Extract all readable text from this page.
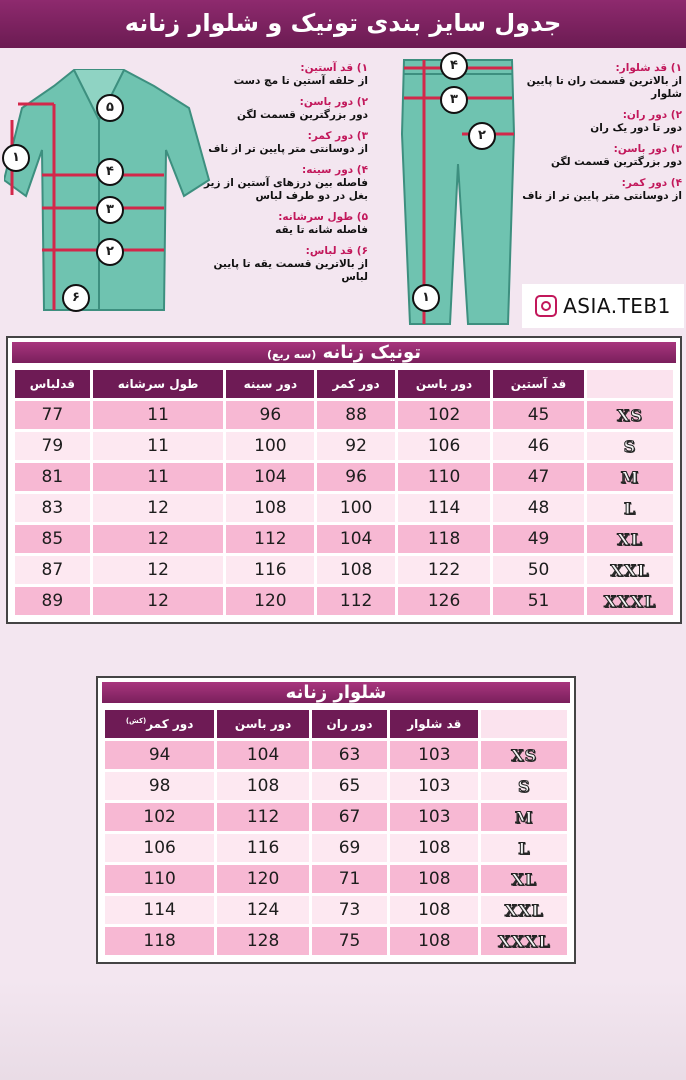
جدول سایز بندی تونیک و شلوار زنانه
۱
۵
۴
۳
۲
۶
۱) قد آستین:
از حلقه آستین تا مچ دست
۲) دور باسن:
دور بزرگترین قسمت لگن
۳) دور کمر:
از دوسانتی متر پایین تر از ناف
۴) دور سینه:
فاصله بین درزهای آستین از زیر بغل در دو طرف لباس
۵) طول سرشانه:
فاصله شانه تا یقه
۶) قد لباس:
از بالاترین قسمت یقه تا پایین لباس
۴
۳
۲
۱
۱) قد شلوار:
از بالاترین قسمت ران تا پایین شلوار
۲) دور ران:
دور تا دور یک ران
۳) دور باسن:
دور بزرگترین قسمت لگن
۴) دور کمر:
از دوسانتی متر پایین تر از ناف
ASIA.TEB1
تونیک زنانه (سه ربع)
	قد آستین	دور باسن	دور کمر	دور سینه	طول سرشانه	قدلباس
XS	45	102	88	96	11	77
S	46	106	92	100	11	79
M	47	110	96	104	11	81
L	48	114	100	108	12	83
XL	49	118	104	112	12	85
XXL	50	122	108	116	12	87
XXXL	51	126	112	120	12	89
شلوار زنانه
	قد شلوار	دور ران	دور باسن	دور کمر$^{(کش)}$
XS	103	63	104	94
S	103	65	108	98
M	103	67	112	102
L	108	69	116	106
XL	108	71	120	110
XXL	108	73	124	114
XXXL	108	75	128	118
